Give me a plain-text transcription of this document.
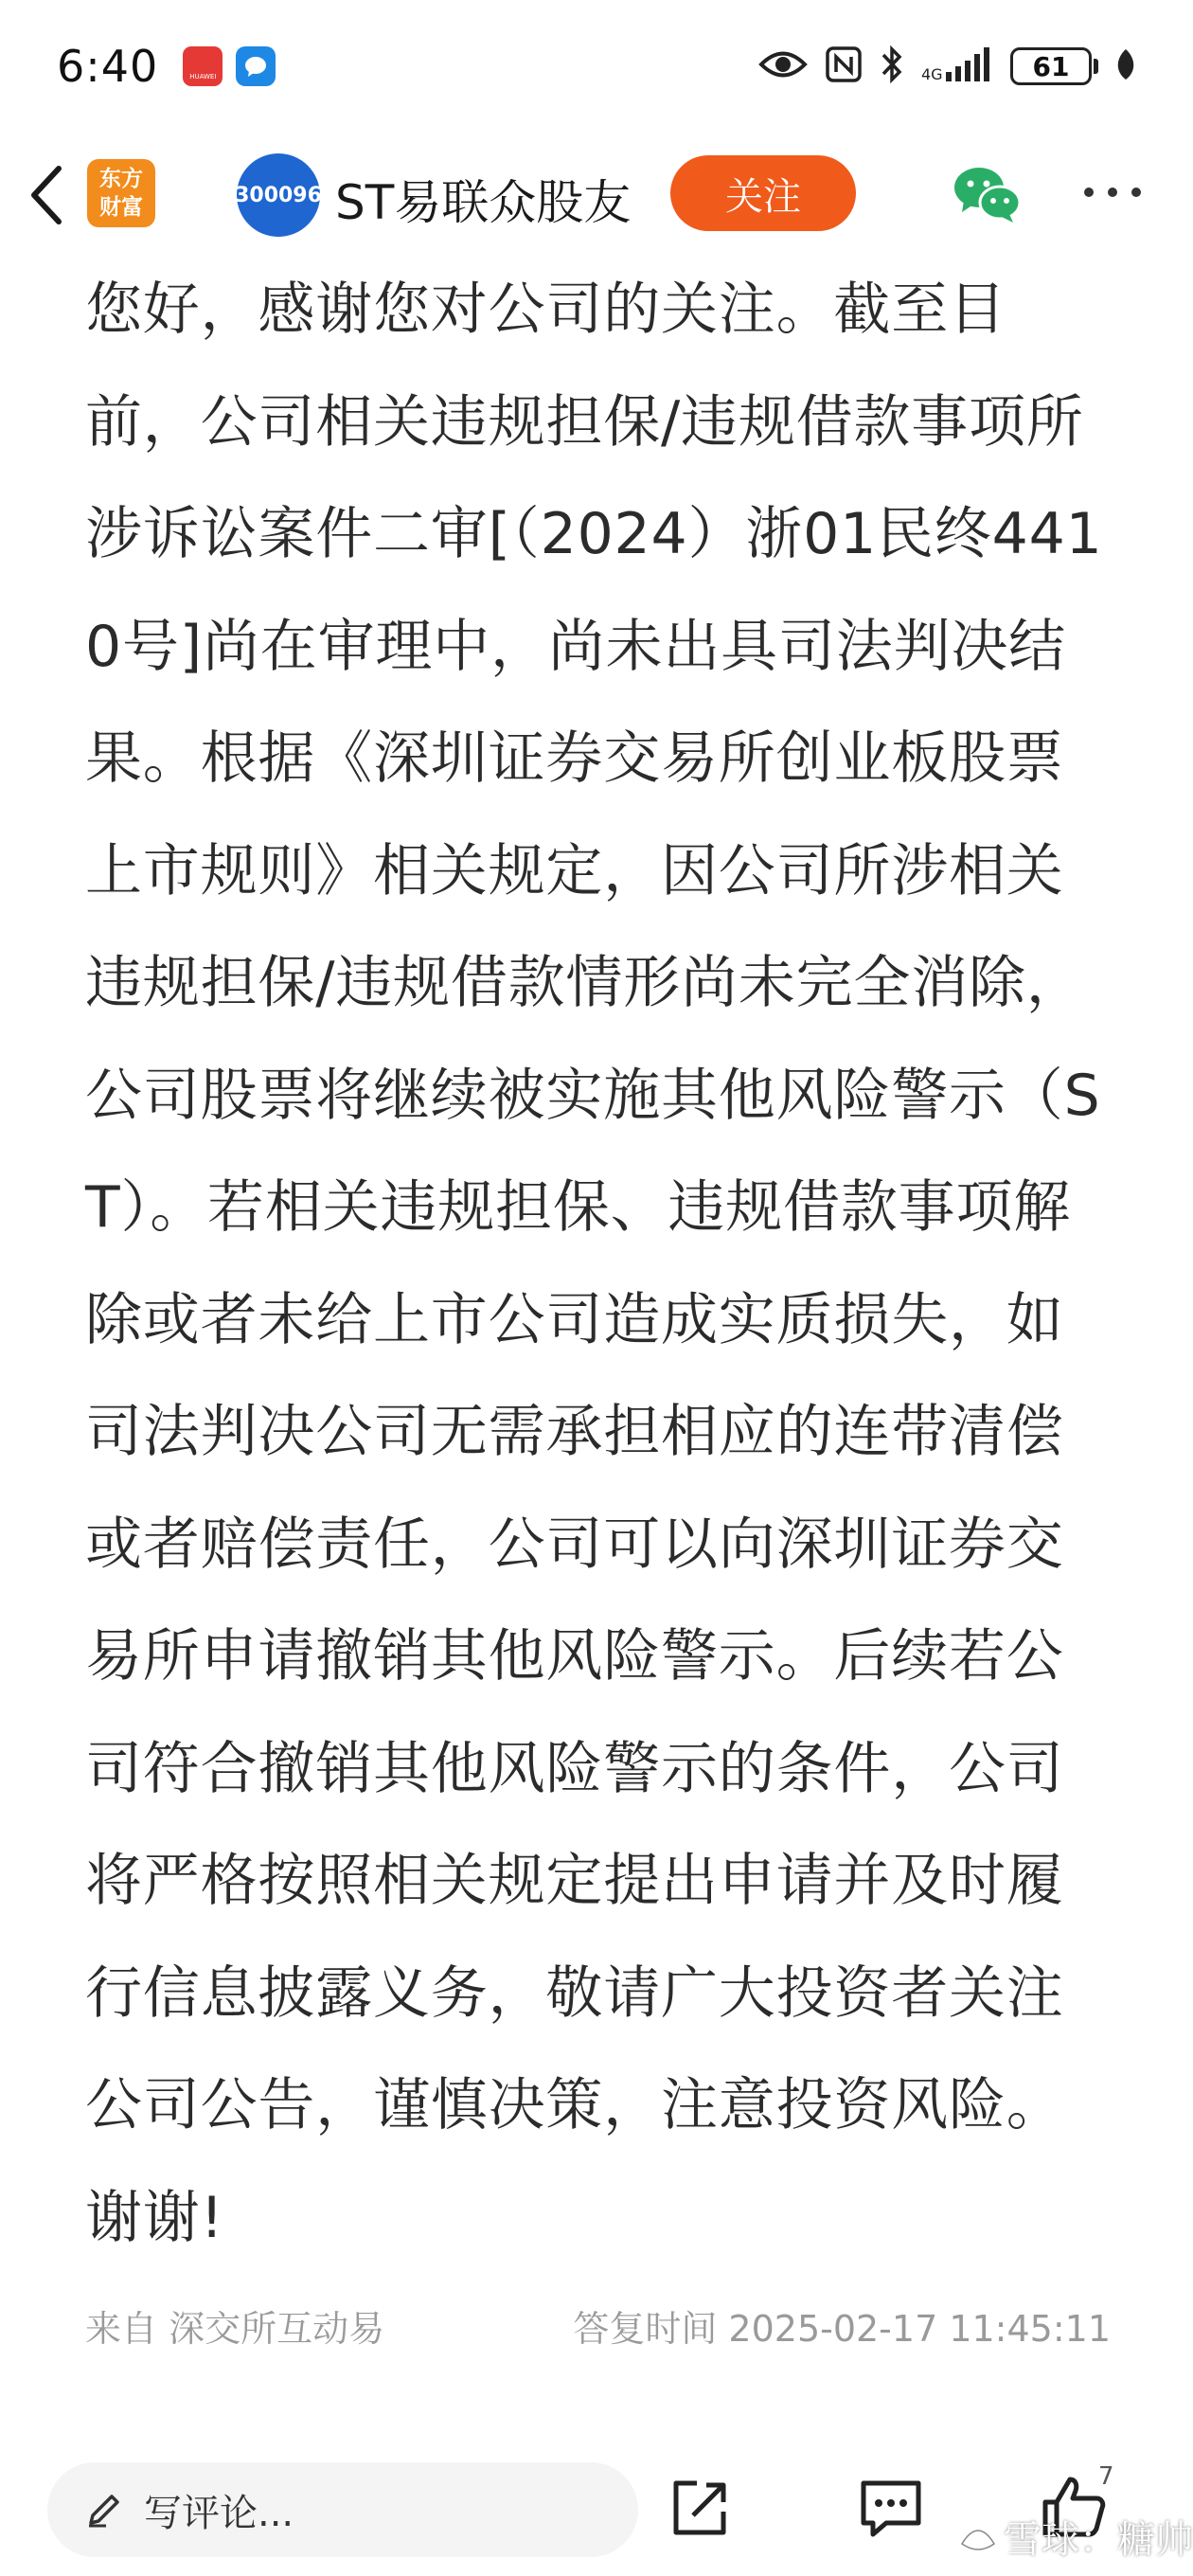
6:40	HUAWEI	4G	61
东方
财富	300096 ST易联众股友	关注

您好，感谢您对公司的关注。截至目
前，公司相关违规担保/违规借款事项所
涉诉讼案件二审[（2024）浙01民终441
0号]尚在审理中，尚未出具司法判决结
果。根据《深圳证券交易所创业板股票
上市规则》相关规定，因公司所涉相关
违规担保/违规借款情形尚未完全消除，
公司股票将继续被实施其他风险警示（S
T）。若相关违规担保、违规借款事项解
除或者未给上市公司造成实质损失，如
司法判决公司无需承担相应的连带清偿
或者赔偿责任，公司可以向深圳证券交
易所申请撤销其他风险警示。后续若公
司符合撤销其他风险警示的条件，公司
将严格按照相关规定提出申请并及时履
行信息披露义务，敬请广大投资者关注
公司公告，谨慎决策，注意投资风险。
谢谢!

来自 深交所互动易	答复时间 2025-02-17 11:45:11
写评论...
7
雪球：糖帅
